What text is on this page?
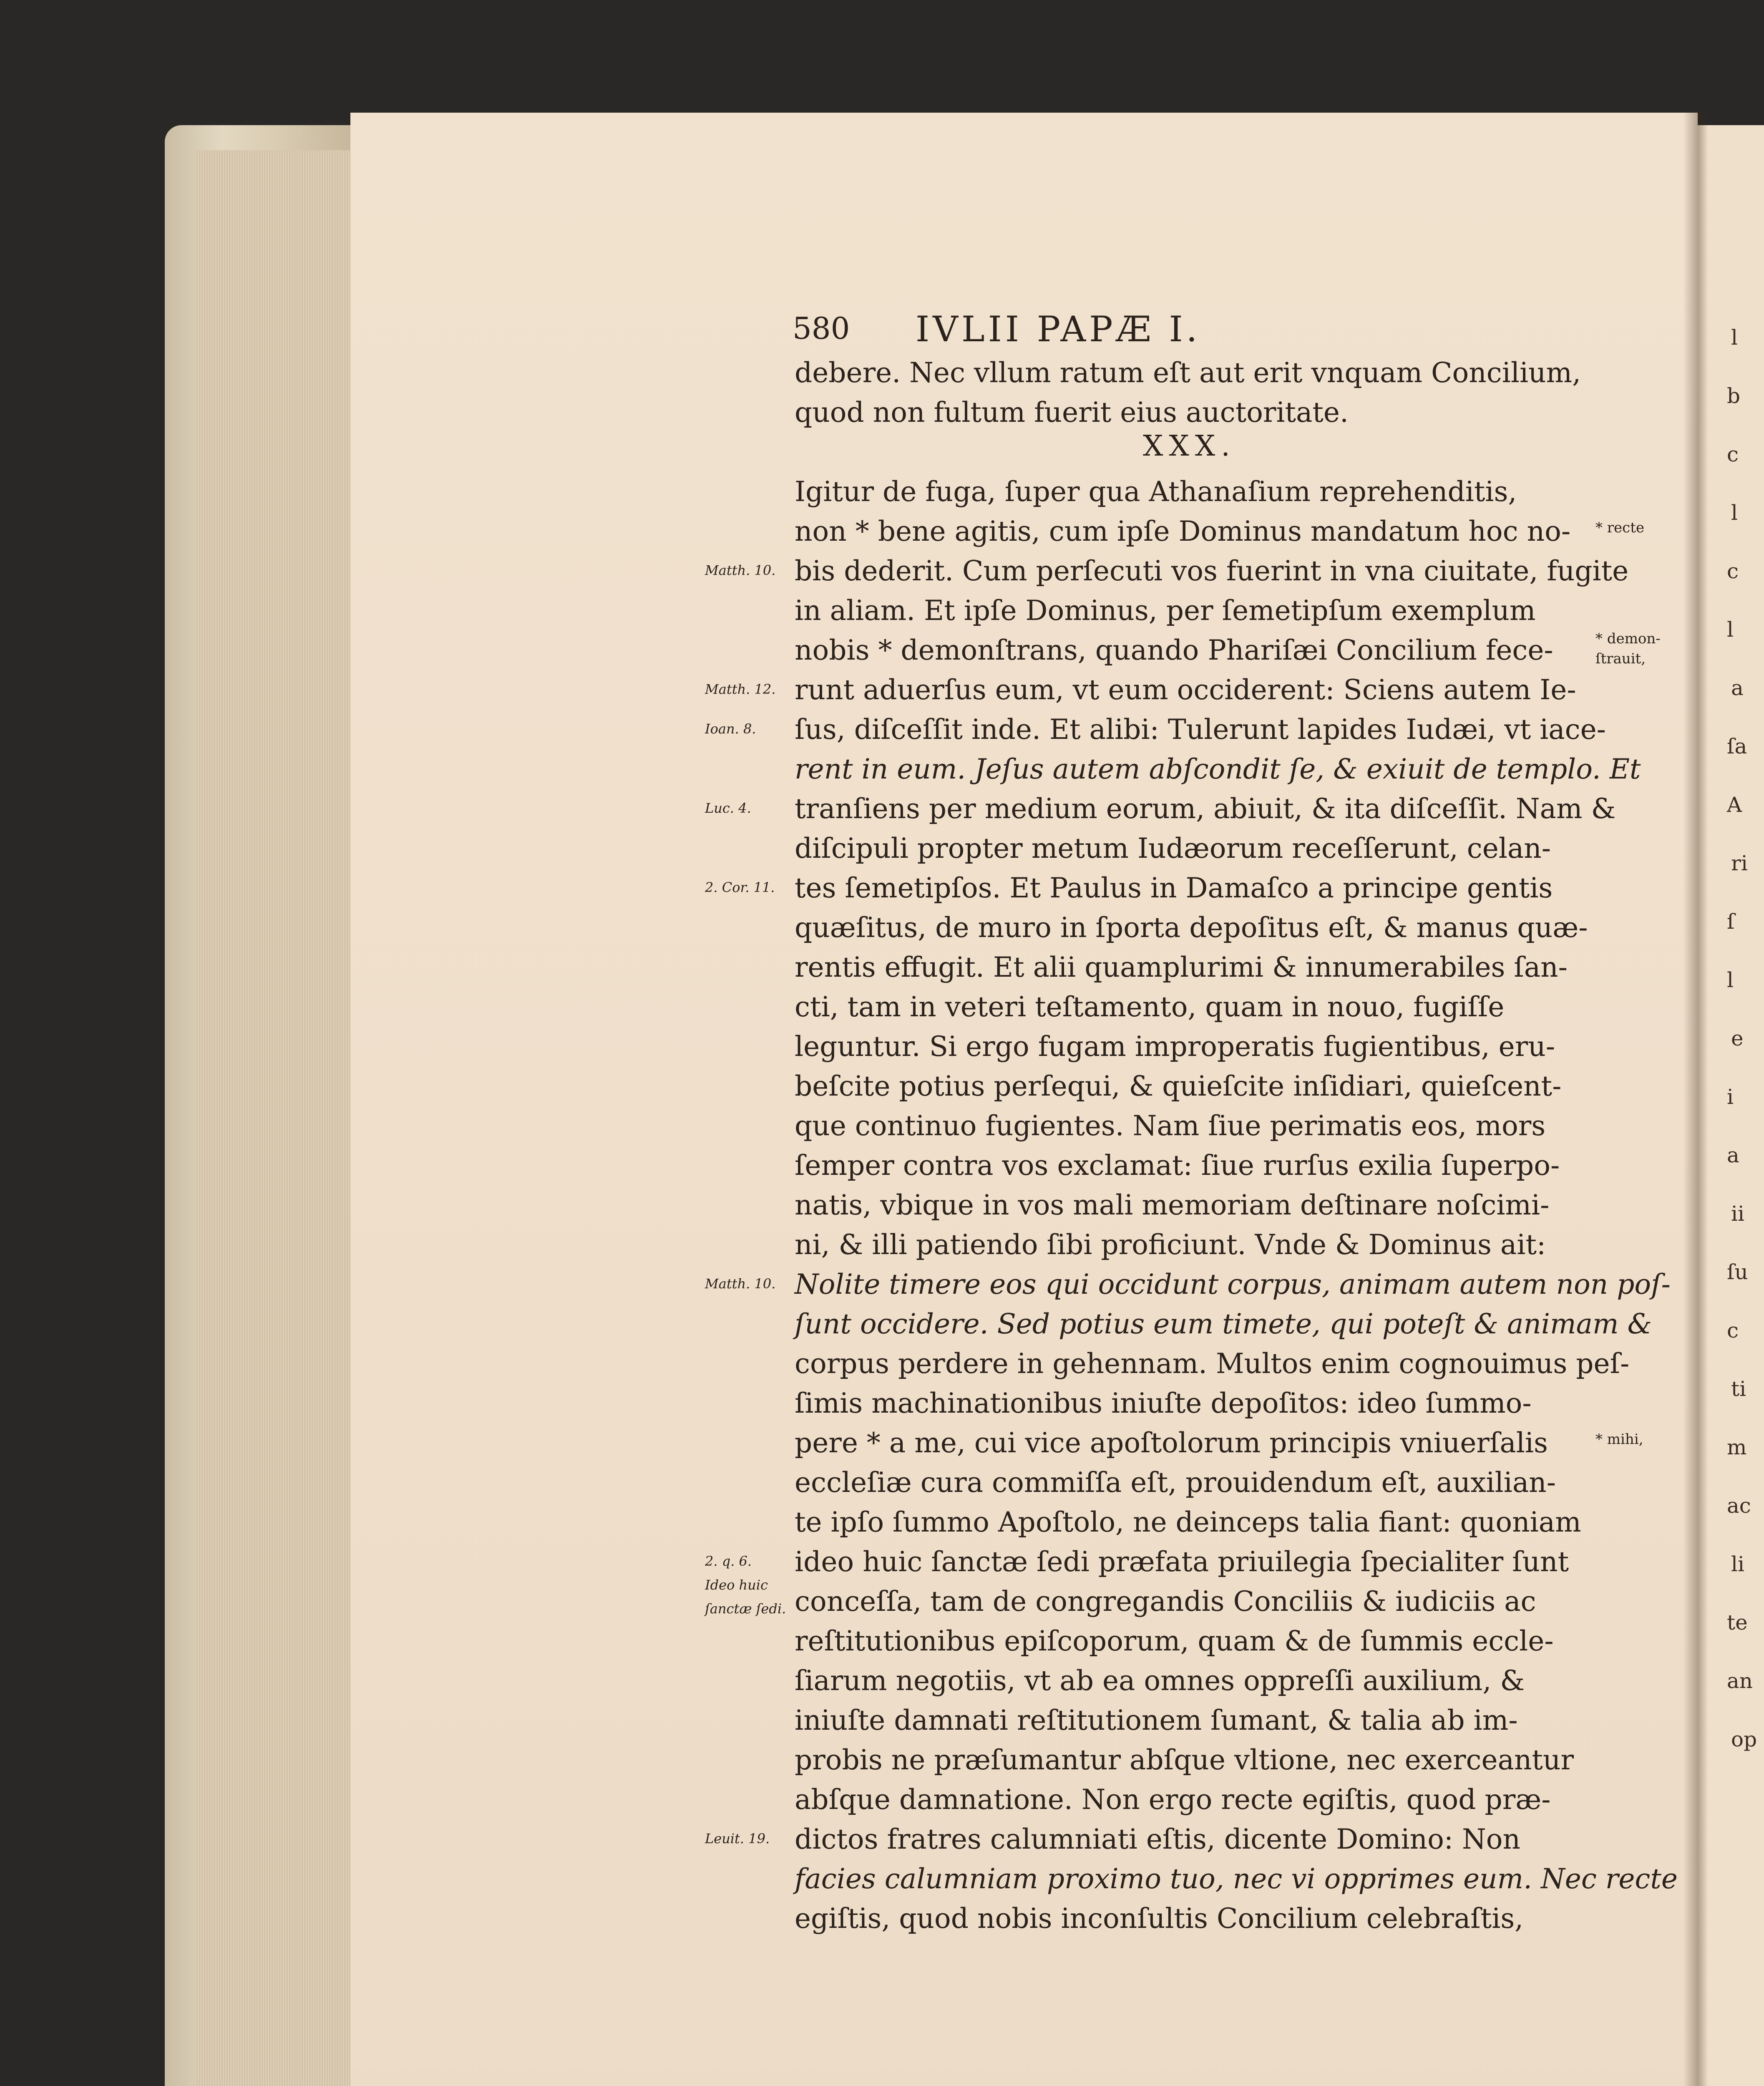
580 IVLII PAPÆ I.
XXX.
debere. Nec vllum ratum eſt aut erit vnquam Concilium,
quod non fultum fuerit eius auctoritate.
Igitur de fuga, ſuper qua Athanaſium reprehenditis,
non * bene agitis, cum ipſe Dominus mandatum hoc no-
bis dederit. Cum perſecuti vos fuerint in vna ciuitate, fugite
in aliam. Et ipſe Dominus, per ſemetipſum exemplum
nobis * demonſtrans, quando Phariſæi Concilium fece-
runt aduerſus eum, vt eum occiderent: Sciens autem Ie-
ſus, diſceſſit inde. Et alibi: Tulerunt lapides Iudæi, vt iace-
rent in eum. Jeſus autem abſcondit ſe, & exiuit de templo. Et
tranſiens per medium eorum, abiuit, & ita diſceſſit. Nam &
diſcipuli propter metum Iudæorum receſſerunt, celan-
tes ſemetipſos. Et Paulus in Damaſco a principe gentis
quæſitus, de muro in ſporta depoſitus eſt, & manus quæ-
rentis effugit. Et alii quamplurimi & innumerabiles ſan-
cti, tam in veteri teſtamento, quam in nouo, fugiſſe
leguntur. Si ergo fugam improperatis fugientibus, eru-
beſcite potius perſequi, & quieſcite inſidiari, quieſcent-
que continuo fugientes. Nam ſiue perimatis eos, mors
ſemper contra vos exclamat: ſiue rurſus exilia ſuperpo-
natis, vbique in vos mali memoriam deſtinare noſcimi-
ni, & illi patiendo ſibi proficiunt. Vnde & Dominus ait:
Nolite timere eos qui occidunt corpus, animam autem non poſ-
ſunt occidere. Sed potius eum timete, qui poteſt & animam &
corpus perdere in gehennam. Multos enim cognouimus peſ-
ſimis machinationibus iniuſte depoſitos: ideo ſummo-
pere * a me, cui vice apoſtolorum principis vniuerſalis
eccleſiæ cura commiſſa eſt, prouidendum eſt, auxilian-
te ipſo ſummo Apoſtolo, ne deinceps talia fiant: quoniam
ideo huic ſanctæ ſedi præfata priuilegia ſpecialiter ſunt
conceſſa, tam de congregandis Conciliis & iudiciis ac
reſtitutionibus epiſcoporum, quam & de ſummis eccle-
ſiarum negotiis, vt ab ea omnes oppreſſi auxilium, &
iniuſte damnati reſtitutionem ſumant, & talia ab im-
probis ne præſumantur abſque vltione, nec exerceantur
abſque damnatione. Non ergo recte egiſtis, quod præ-
dictos fratres calumniati eſtis, dicente Domino: Non
facies calumniam proximo tuo, nec vi opprimes eum. Nec recte
egiſtis, quod nobis inconſultis Concilium celebraſtis,
Matth. 10.
Matth. 12.
Ioan. 8.
Luc. 4.
2. Cor. 11.
Matth. 10.
2. q. 6.
Ideo huic
ſanctæ ſedi.
Leuit. 19.
* recte
* demon-
ſtrauit,
* mihi,
l
b
c
l
c
l
a
ſa
A
ri
ſ
l
e
i
a
ii
ſu
c
ti
m
ac
li
te
an
op
